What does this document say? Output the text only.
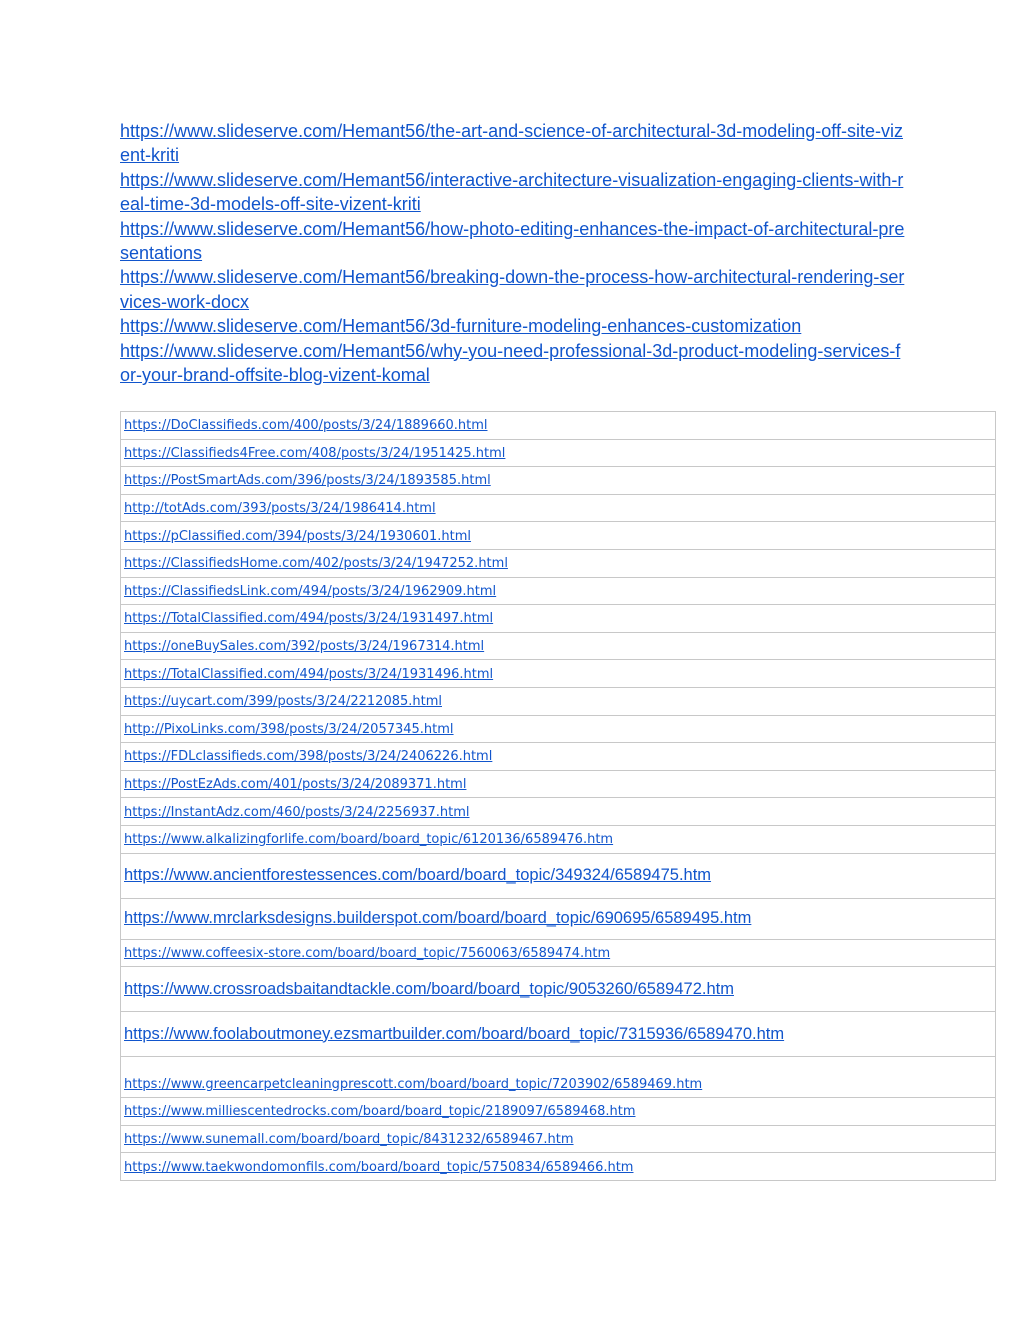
https://www.slideserve.com/Hemant56/the-art-and-science-of-architectural-3d-modeling-off-site-vizent-kriti
https://www.slideserve.com/Hemant56/interactive-architecture-visualization-engaging-clients-with-real-time-3d-models-off-site-vizent-kriti
https://www.slideserve.com/Hemant56/how-photo-editing-enhances-the-impact-of-architectural-presentations
https://www.slideserve.com/Hemant56/breaking-down-the-process-how-architectural-rendering-services-work-docx
https://www.slideserve.com/Hemant56/3d-furniture-modeling-enhances-customization
https://www.slideserve.com/Hemant56/why-you-need-professional-3d-product-modeling-services-for-your-brand-offsite-blog-vizent-komal
https://DoClassifieds.com/400/posts/3/24/1889660.html
https://Classifieds4Free.com/408/posts/3/24/1951425.html
https://PostSmartAds.com/396/posts/3/24/1893585.html
http://totAds.com/393/posts/3/24/1986414.html
https://pClassified.com/394/posts/3/24/1930601.html
https://ClassifiedsHome.com/402/posts/3/24/1947252.html
https://ClassifiedsLink.com/494/posts/3/24/1962909.html
https://TotalClassified.com/494/posts/3/24/1931497.html
https://oneBuySales.com/392/posts/3/24/1967314.html
https://TotalClassified.com/494/posts/3/24/1931496.html
https://uycart.com/399/posts/3/24/2212085.html
http://PixoLinks.com/398/posts/3/24/2057345.html
https://FDLclassifieds.com/398/posts/3/24/2406226.html
https://PostEzAds.com/401/posts/3/24/2089371.html
https://InstantAdz.com/460/posts/3/24/2256937.html
https://www.alkalizingforlife.com/board/board_topic/6120136/6589476.htm
https://www.ancientforestessences.com/board/board_topic/349324/6589475.htm
https://www.mrclarksdesigns.builderspot.com/board/board_topic/690695/6589495.htm
https://www.coffeesix-store.com/board/board_topic/7560063/6589474.htm
https://www.crossroadsbaitandtackle.com/board/board_topic/9053260/6589472.htm
https://www.foolaboutmoney.ezsmartbuilder.com/board/board_topic/7315936/6589470.htm
$_{https://www.greencarpetcleaningprescott.com/board/board\_topic/7203902/6589469.htm}$
https://www.milliescentedrocks.com/board/board_topic/2189097/6589468.htm
https://www.sunemall.com/board/board_topic/8431232/6589467.htm
https://www.taekwondomonfils.com/board/board_topic/5750834/6589466.htm
